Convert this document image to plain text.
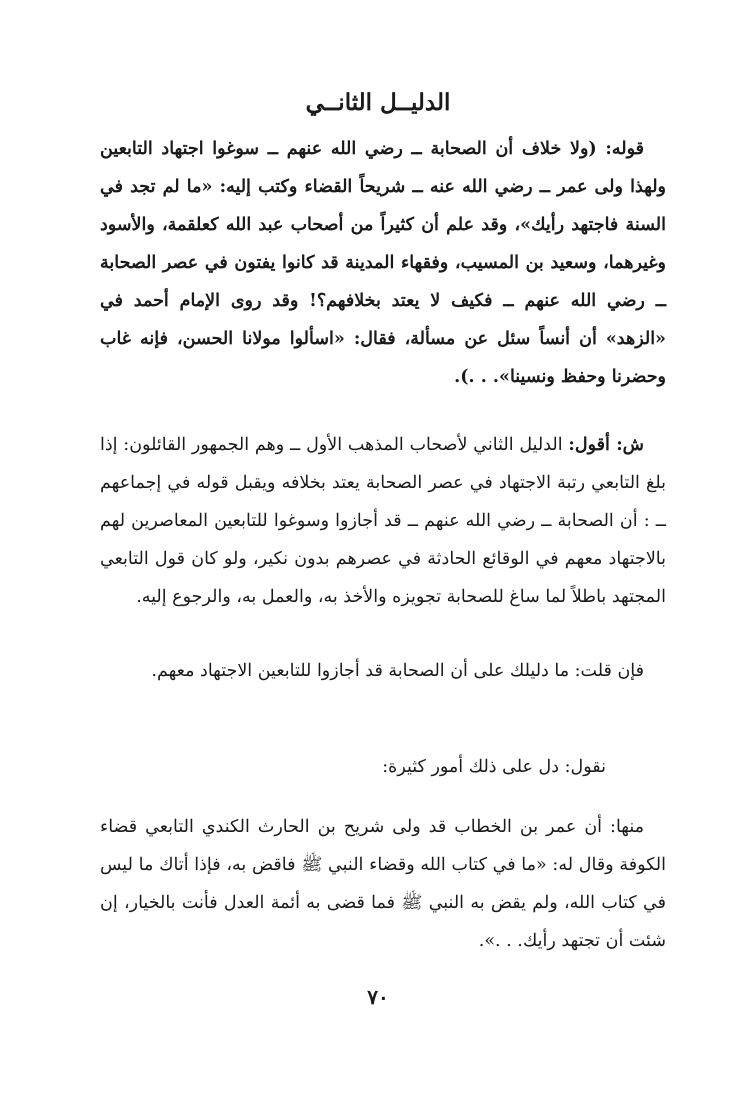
الدليــل الثانــي

قوله: (ولا خلاف أن الصحابة ــ رضي الله عنهم ــ سوغوا اجتهاد التابعين ولهذا ولى عمر ــ رضي الله عنه ــ شريحاً القضاء وكتب إليه: «ما لم تجد في السنة فاجتهد رأيك»، وقد علم أن كثيراً من أصحاب عبد الله كعلقمة، والأسود وغيرهما، وسعيد بن المسيب، وفقهاء المدينة قد كانوا يفتون في عصر الصحابة ــ رضي الله عنهم ــ فكيف لا يعتد بخلافهم؟! وقد روى الإمام أحمد في «الزهد» أن أنساً سئل عن مسألة، فقال: «اسألوا مولانا الحسن، فإنه غاب وحضرنا وحفظ ونسينا». . .).

ش: أقول: الدليل الثاني لأصحاب المذهب الأول ــ وهم الجمهور القائلون: إذا بلغ التابعي رتبة الاجتهاد في عصر الصحابة يعتد بخلافه ويقبل قوله في إجماعهم ــ : أن الصحابة ــ رضي الله عنهم ــ قد أجازوا وسوغوا للتابعين المعاصرين لهم بالاجتهاد معهم في الوقائع الحادثة في عصرهم بدون نكير، ولو كان قول التابعي المجتهد باطلاً لما ساغ للصحابة تجويزه والأخذ به، والعمل به، والرجوع إليه.

فإن قلت: ما دليلك على أن الصحابة قد أجازوا للتابعين الاجتهاد معهم.

نقول: دل على ذلك أمور كثيرة:

منها: أن عمر بن الخطاب قد ولى شريح بن الحارث الكندي التابعي قضاء الكوفة وقال له: «ما في كتاب الله وقضاء النبي ﷺ فاقض به، فإذا أتاك ما ليس في كتاب الله، ولم يقض به النبي ﷺ فما قضى به أئمة العدل فأنت بالخيار، إن شئت أن تجتهد رأيك. . .».

٧٠
